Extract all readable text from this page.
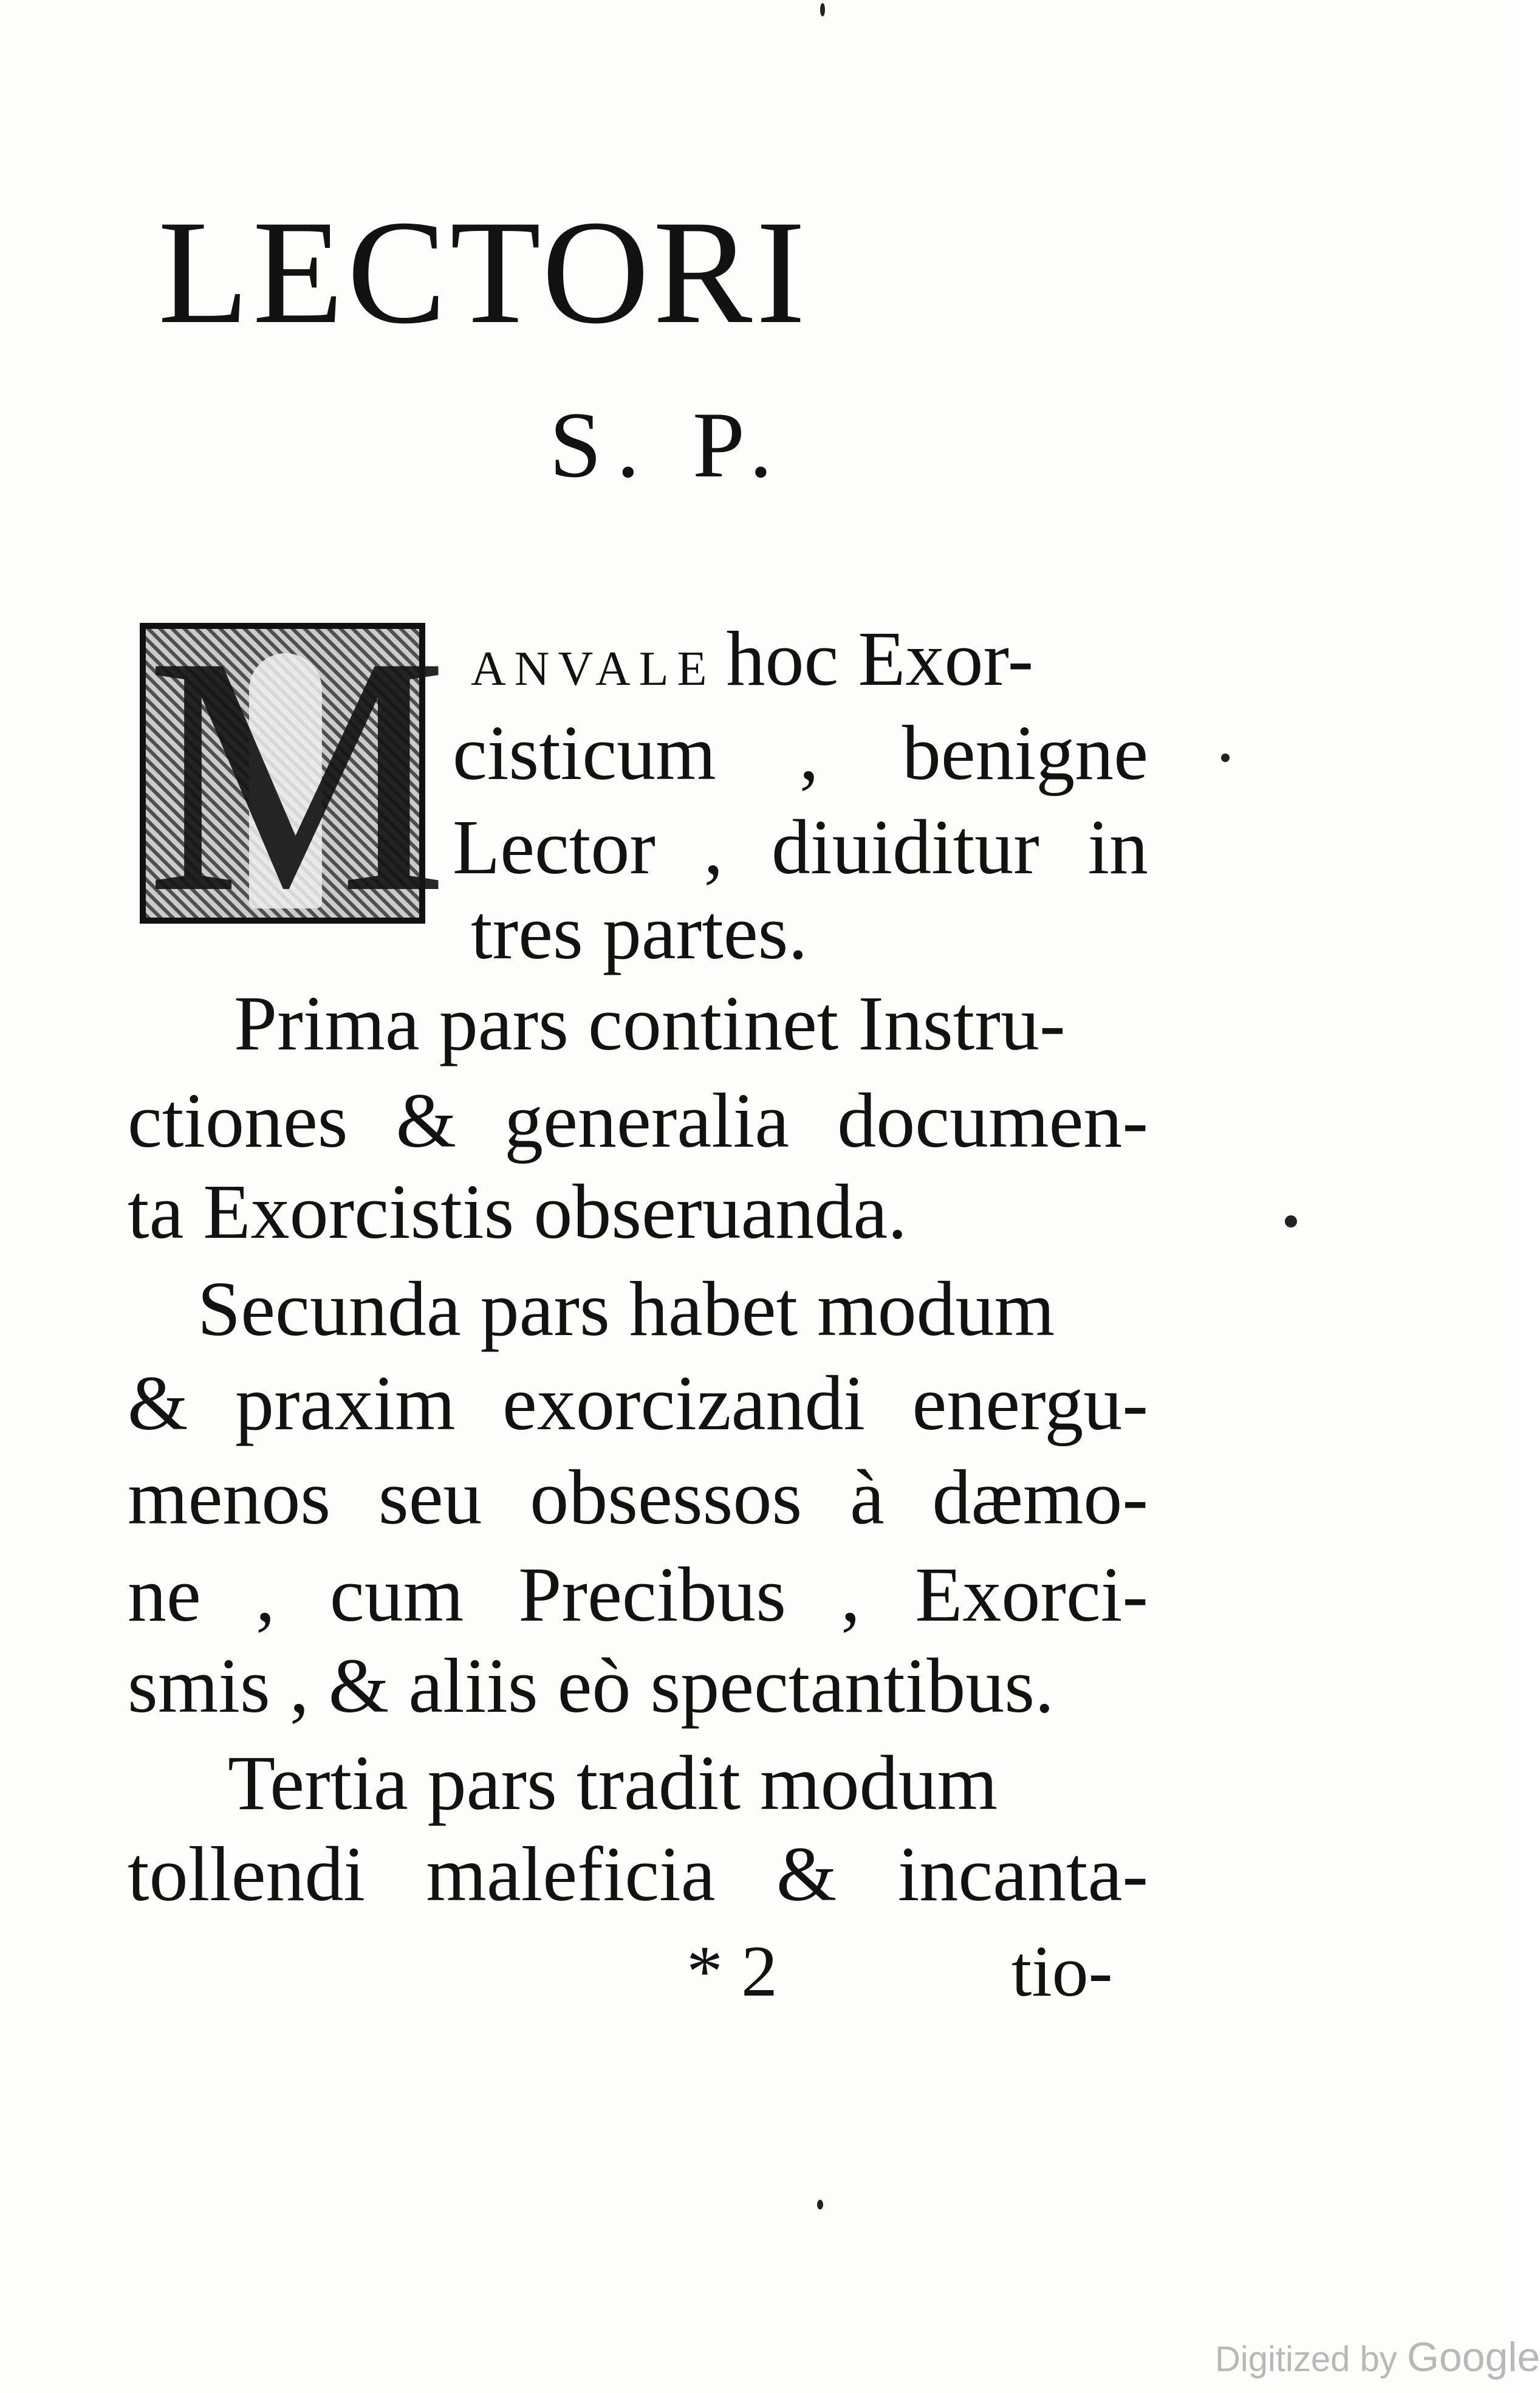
LECTORI
S. P.
M ANVALE hoc Exor-
cisticum , benigne
Lector , diuiditur in
tres partes.
Prima pars continet Instru-
ctiones & generalia documen-
ta Exorcistis obseruanda.
Secunda pars habet modum
& praxim exorcizandi energu-
menos seu obsessos à dæmo-
ne , cum Precibus , Exorci-
smis , & aliis eò spectantibus.
Tertia pars tradit modum
tollendi maleficia & incanta-
* 2	tio-
Digitized by Google
